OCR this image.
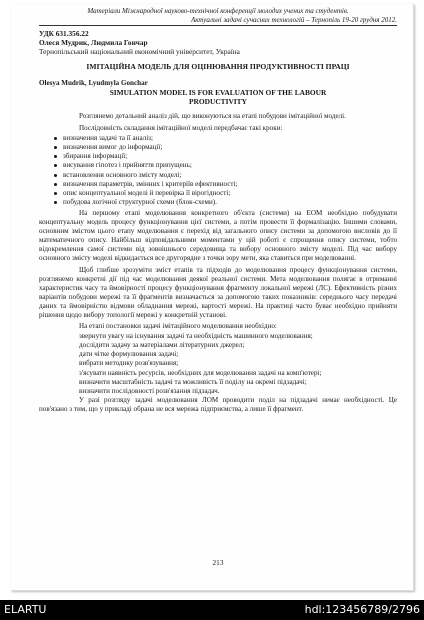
Матеріали Міжнародної науково-технічної конференції молодих учених та студентів.
Актуальні задачі сучасних технологій – Тернопіль 19-20 грудня 2012.
УДК 631.356.22
Олеся Мудрик, Людмила Гончар
Тернопільський національний економічний університет, Україна
ІМІТАЦІЙНА МОДЕЛЬ ДЛЯ ОЦІНЮВАННЯ ПРОДУКТИВНОСТІ ПРАЦІ
Olesya Mudrik, Lyudmyla Gonchar
SIMULATION MODEL IS FOR EVALUATION OF THE LABOUR
PRODUCTIVITY

Розглянемо детальний аналіз дій, що виконуються на етапі побудови імітаційної моделі.

Послідовність складання імітаційної моделі передбачає такі кроки:

визначення задачі та її аналіз;
визначення вимог до інформації;
збирання інформації;
висування гіпотез і прийняття припущень;
встановлення основного змісту моделі;
визначення параметрів, змінних і критеріїв ефективності;
опис концептуальної моделі й перевірка її вірогідності;
побудова логічної структурної схеми (блок-схеми).

На першому етапі моделювання конкретного об'єкта (системи) на ЕОМ необхідно побудувати концептуальну модель процесу функціонування цієї системи, а потім провести її формалізацію. Іншими словами, основним змістом цього етапу моделювання є перехід від загального опису системи за допомогою висловів до її математичного опису. Найбільш відповідальними моментами у цій роботі є спрощення опису системи, тобто відокремлення самої системи від зовнішнього середовища та вибору основного змісту моделі. Під час вибору основного змісту моделі відкидається все другорядне з точки зору мети, яка ставиться при моделюванні.

Щоб глибше зрозуміти зміст етапів та підходів до моделювання процесу функціонування системи, розглянемо конкретні дії під час моделювання деякої реальної системи. Мета моделювання полягає в отриманні характеристик часу та ймовірності процесу функціонування фрагменту локальної мережі (ЛС). Ефективність різних варіантів побудови мережі та її фрагментів визначається за допомогою таких показників: середнього часу передачі даних та ймовірністю відмови обладнання мережі, вартості мережі. На практиці часто буває необхідно прийняти рішення щодо вибору топології мережі у конкретній установі.

На етапі постановки задачі імітаційного моделювання необхідно:

звернути увагу на існування задачі та необхідність машинного моделювання;
дослідити задачу за матеріалами літературних джерел;
дати чітке формулювання задачі;
вибрати методику розв'язування;
з'ясувати наявність ресурсів, необхідних для моделювання задачі на комп'ютері;
визначити масштабність задачі та можливість її поділу на окремі підзадачі;
визначити послідовності розв'язання підзадач.

У разі розгляду задачі моделювання ЛОМ проводити поділ на підзадачі немає необхідності. Це пов'язано з тим, що у прикладі обрана не вся мережа підприємства, а лише її фрагмент.

213
ELARTU	hdl:123456789/2796
